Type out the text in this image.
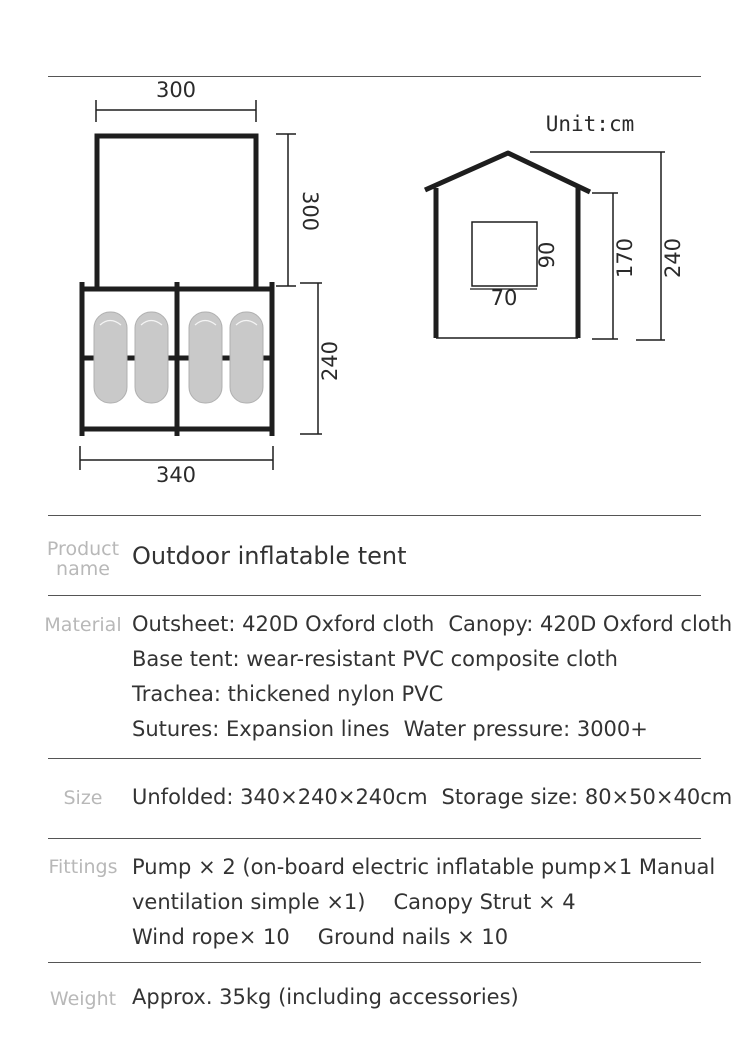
300
300
240
340
Unit:cm
90
70
170 240
Product
name Outdoor inflatable tent
Material Outsheet: 420D Oxford cloth Canopy: 420D Oxford cloth
Base tent: wear-resistant PVC composite cloth
Trachea: thickened nylon PVC
Sutures: Expansion lines Water pressure: 3000+
Size	Unfolded: 340×240×240cm Storage size: 80×50×40cm
Fittings Pump × 2 (on-board electric inflatable pump×1 Manual
ventilation simple ×1) Canopy Strut × 4
Wind rope× 10 Ground nails × 10
Weight Approx. 35kg (including accessories)
